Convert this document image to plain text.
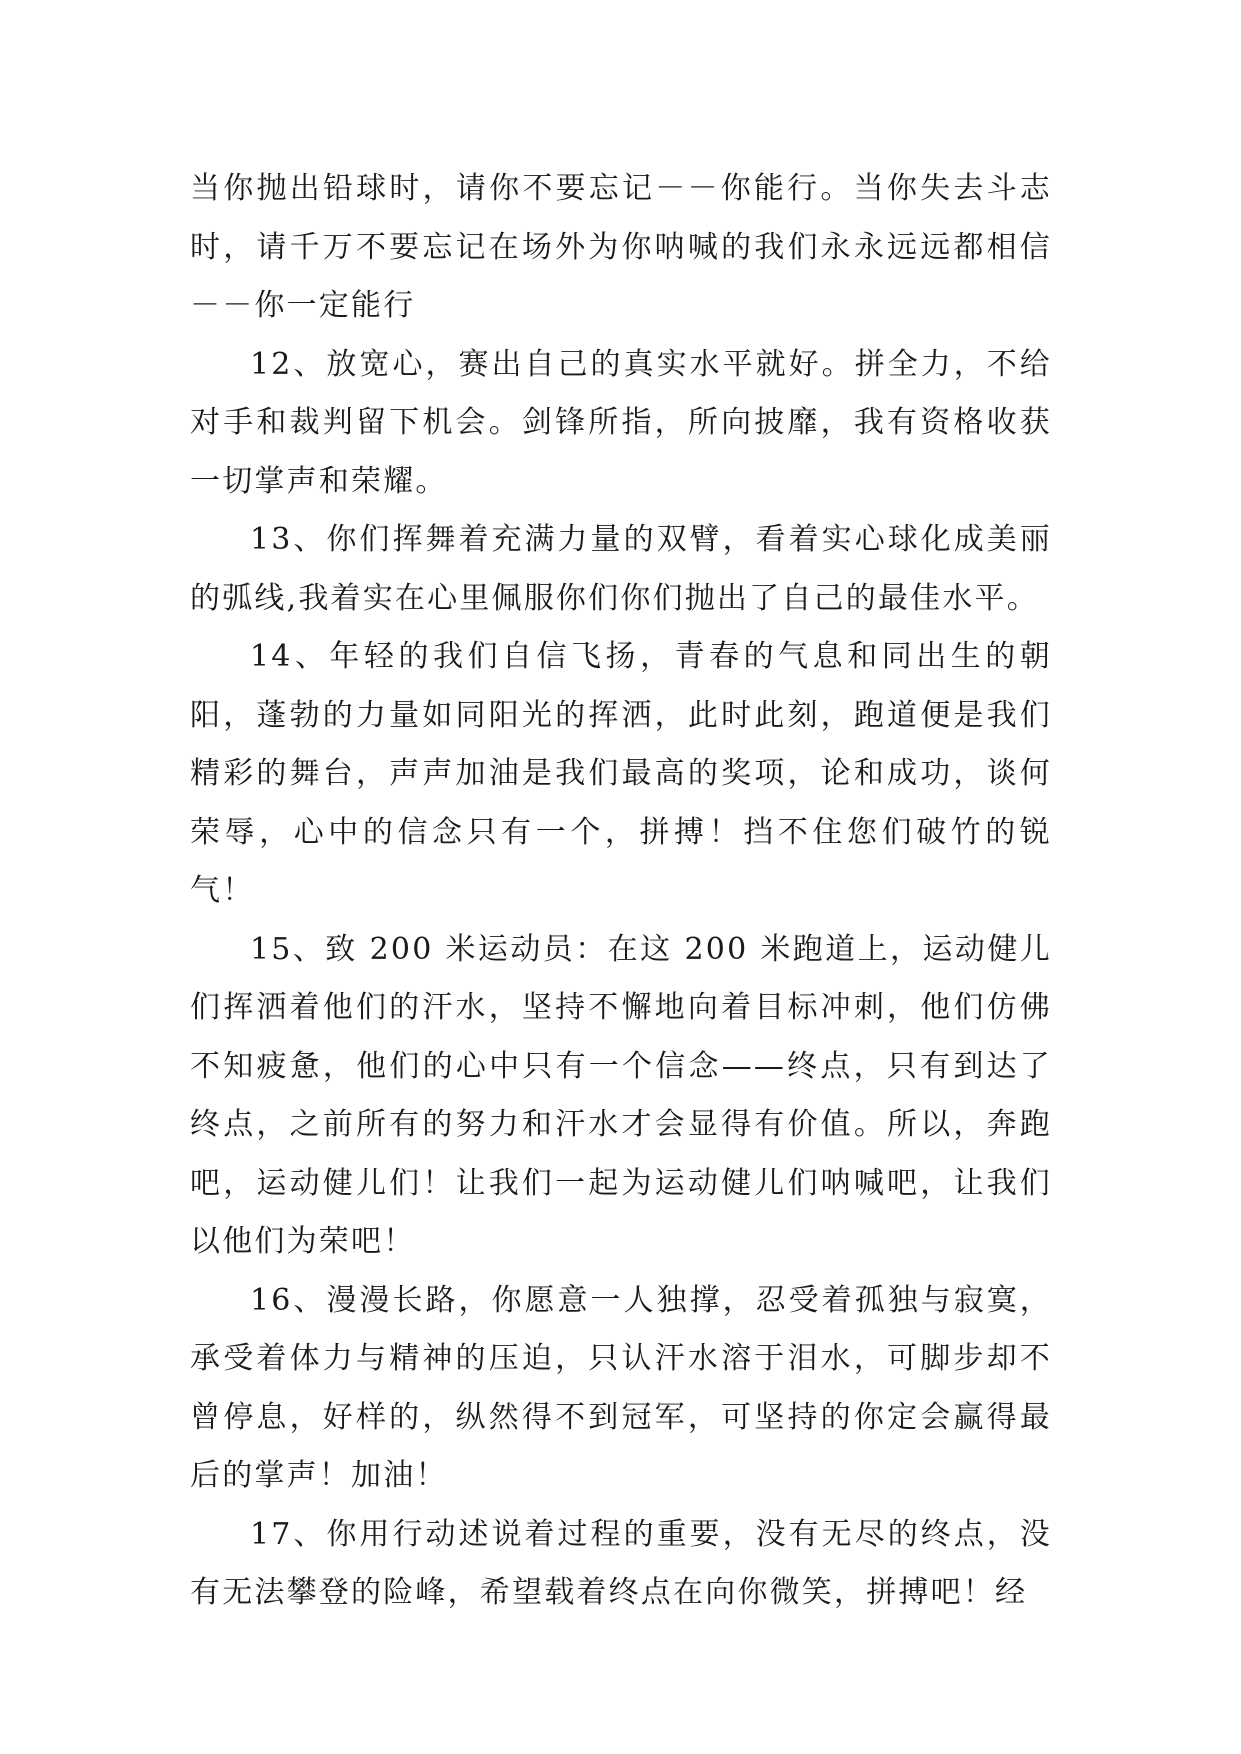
当你抛出铅球时，请你不要忘记－－你能行。当你失去斗志时，请千万不要忘记在场外为你呐喊的我们永永远远都相信－－你一定能行

12、放宽心，赛出自己的真实水平就好。拼全力，不给对手和裁判留下机会。剑锋所指，所向披靡，我有资格收获一切掌声和荣耀。

13、你们挥舞着充满力量的双臂，看着实心球化成美丽的弧线,我着实在心里佩服你们你们抛出了自己的最佳水平。

14、年轻的我们自信飞扬，青春的气息和同出生的朝阳，蓬勃的力量如同阳光的挥洒，此时此刻，跑道便是我们精彩的舞台，声声加油是我们最高的奖项，论和成功，谈何荣辱，心中的信念只有一个，拼搏！挡不住您们破竹的锐气！

15、致 200 米运动员：在这 200 米跑道上，运动健儿们挥洒着他们的汗水，坚持不懈地向着目标冲刺，他们仿佛不知疲惫，他们的心中只有一个信念——终点，只有到达了终点，之前所有的努力和汗水才会显得有价值。所以，奔跑吧，运动健儿们！让我们一起为运动健儿们呐喊吧，让我们以他们为荣吧！

16、漫漫长路，你愿意一人独撑，忍受着孤独与寂寞，承受着体力与精神的压迫，只认汗水溶于泪水，可脚步却不曾停息，好样的，纵然得不到冠军，可坚持的你定会赢得最后的掌声！加油！

17、你用行动述说着过程的重要，没有无尽的终点，没有无法攀登的险峰，希望载着终点在向你微笑，拼搏吧！经
